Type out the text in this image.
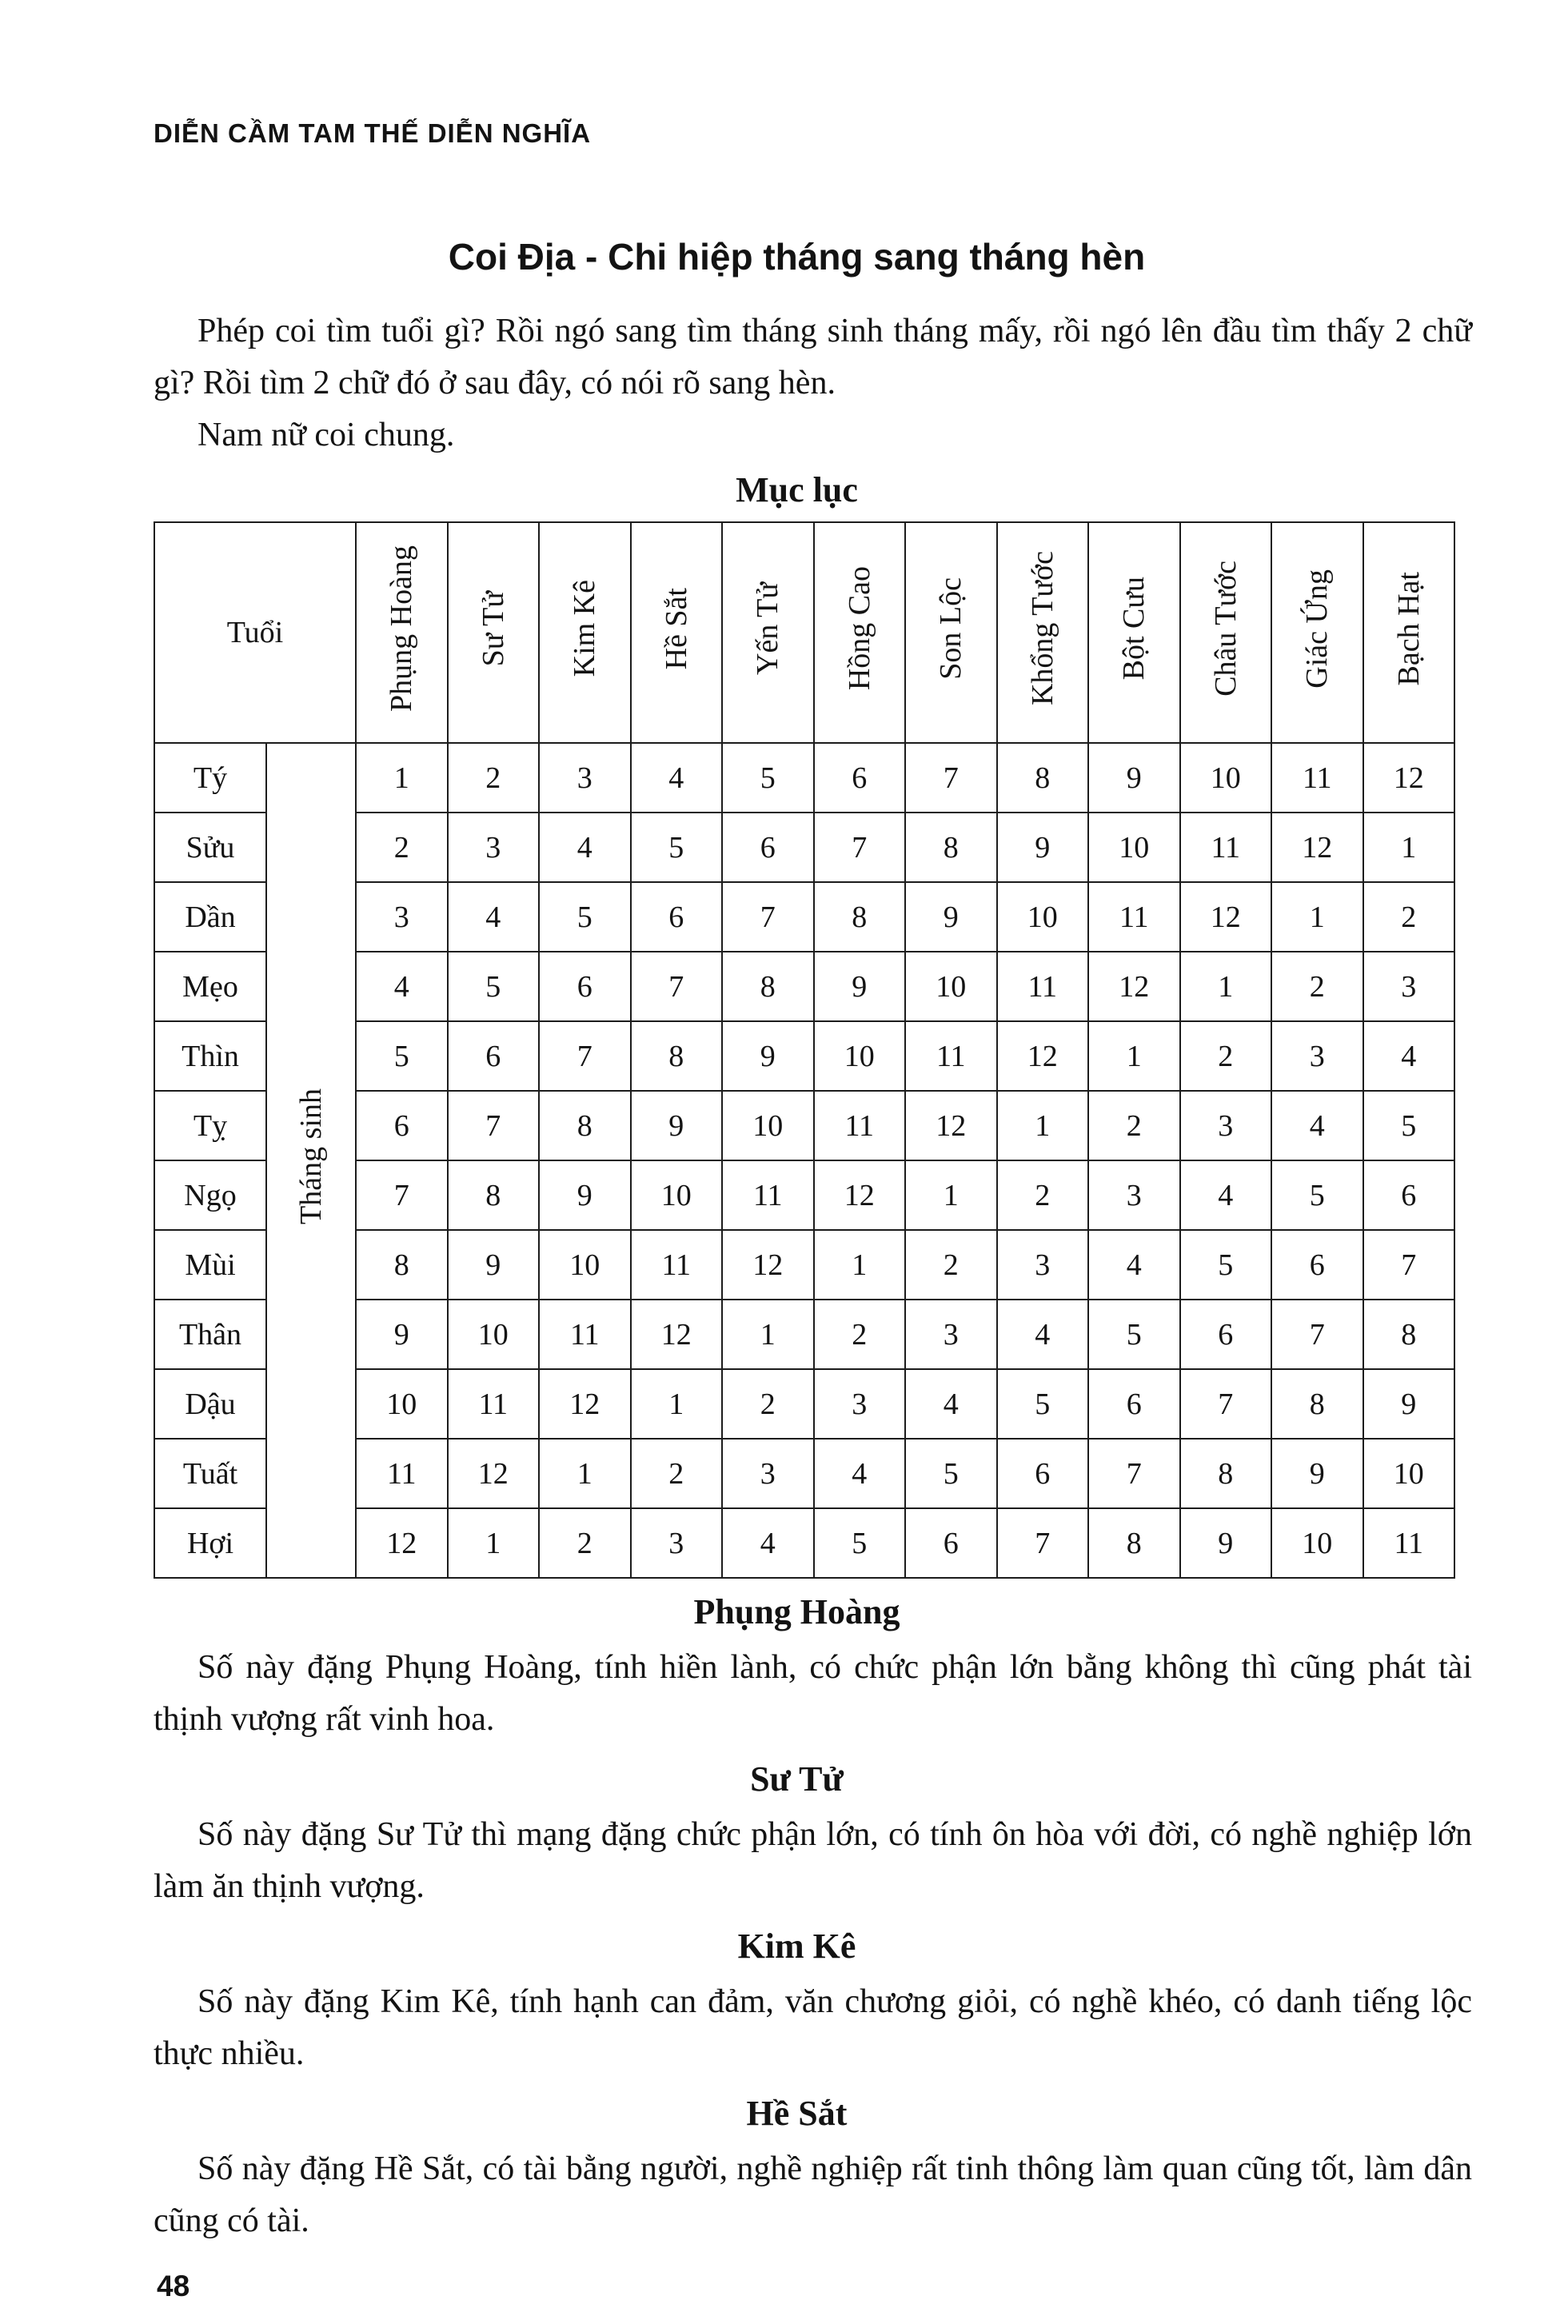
DIỄN CẦM TAM THẾ DIỄN NGHĨA
Coi Địa - Chi hiệp tháng sang tháng hèn

Phép coi tìm tuổi gì? Rồi ngó sang tìm tháng sinh tháng mấy, rồi ngó lên đầu tìm thấy 2 chữ gì? Rồi tìm 2 chữ đó ở sau đây, có nói rõ sang hèn.

Nam nữ coi chung.

Mục lục
Tuổi		Phụng Hoàng	Sư Tử	Kim Kê	Hề Sắt	Yến Tử	Hồng Cao	Son Lộc	Khổng Tước	Bột Cưu	Châu Tước	Giác Ứng	Bạch Hạt
Tý	Tháng sinh	1	2	3	4	5	6	7	8	9	10	11	12
Sửu		2	3	4	5	6	7	8	9	10	11	12	1
Dần		3	4	5	6	7	8	9	10	11	12	1	2
Mẹo		4	5	6	7	8	9	10	11	12	1	2	3
Thìn		5	6	7	8	9	10	11	12	1	2	3	4
Tỵ		6	7	8	9	10	11	12	1	2	3	4	5
Ngọ		7	8	9	10	11	12	1	2	3	4	5	6
Mùi		8	9	10	11	12	1	2	3	4	5	6	7
Thân		9	10	11	12	1	2	3	4	5	6	7	8
Dậu		10	11	12	1	2	3	4	5	6	7	8	9
Tuất		11	12	1	2	3	4	5	6	7	8	9	10
Hợi		12	1	2	3	4	5	6	7	8	9	10	11
Phụng Hoàng

Số này đặng Phụng Hoàng, tính hiền lành, có chức phận lớn bằng không thì cũng phát tài thịnh vượng rất vinh hoa.

Sư Tử

Số này đặng Sư Tử thì mạng đặng chức phận lớn, có tính ôn hòa với đời, có nghề nghiệp lớn làm ăn thịnh vượng.

Kim Kê

Số này đặng Kim Kê, tính hạnh can đảm, văn chương giỏi, có nghề khéo, có danh tiếng lộc thực nhiều.

Hề Sắt

Số này đặng Hề Sắt, có tài bằng người, nghề nghiệp rất tinh thông làm quan cũng tốt, làm dân cũng có tài.

48
